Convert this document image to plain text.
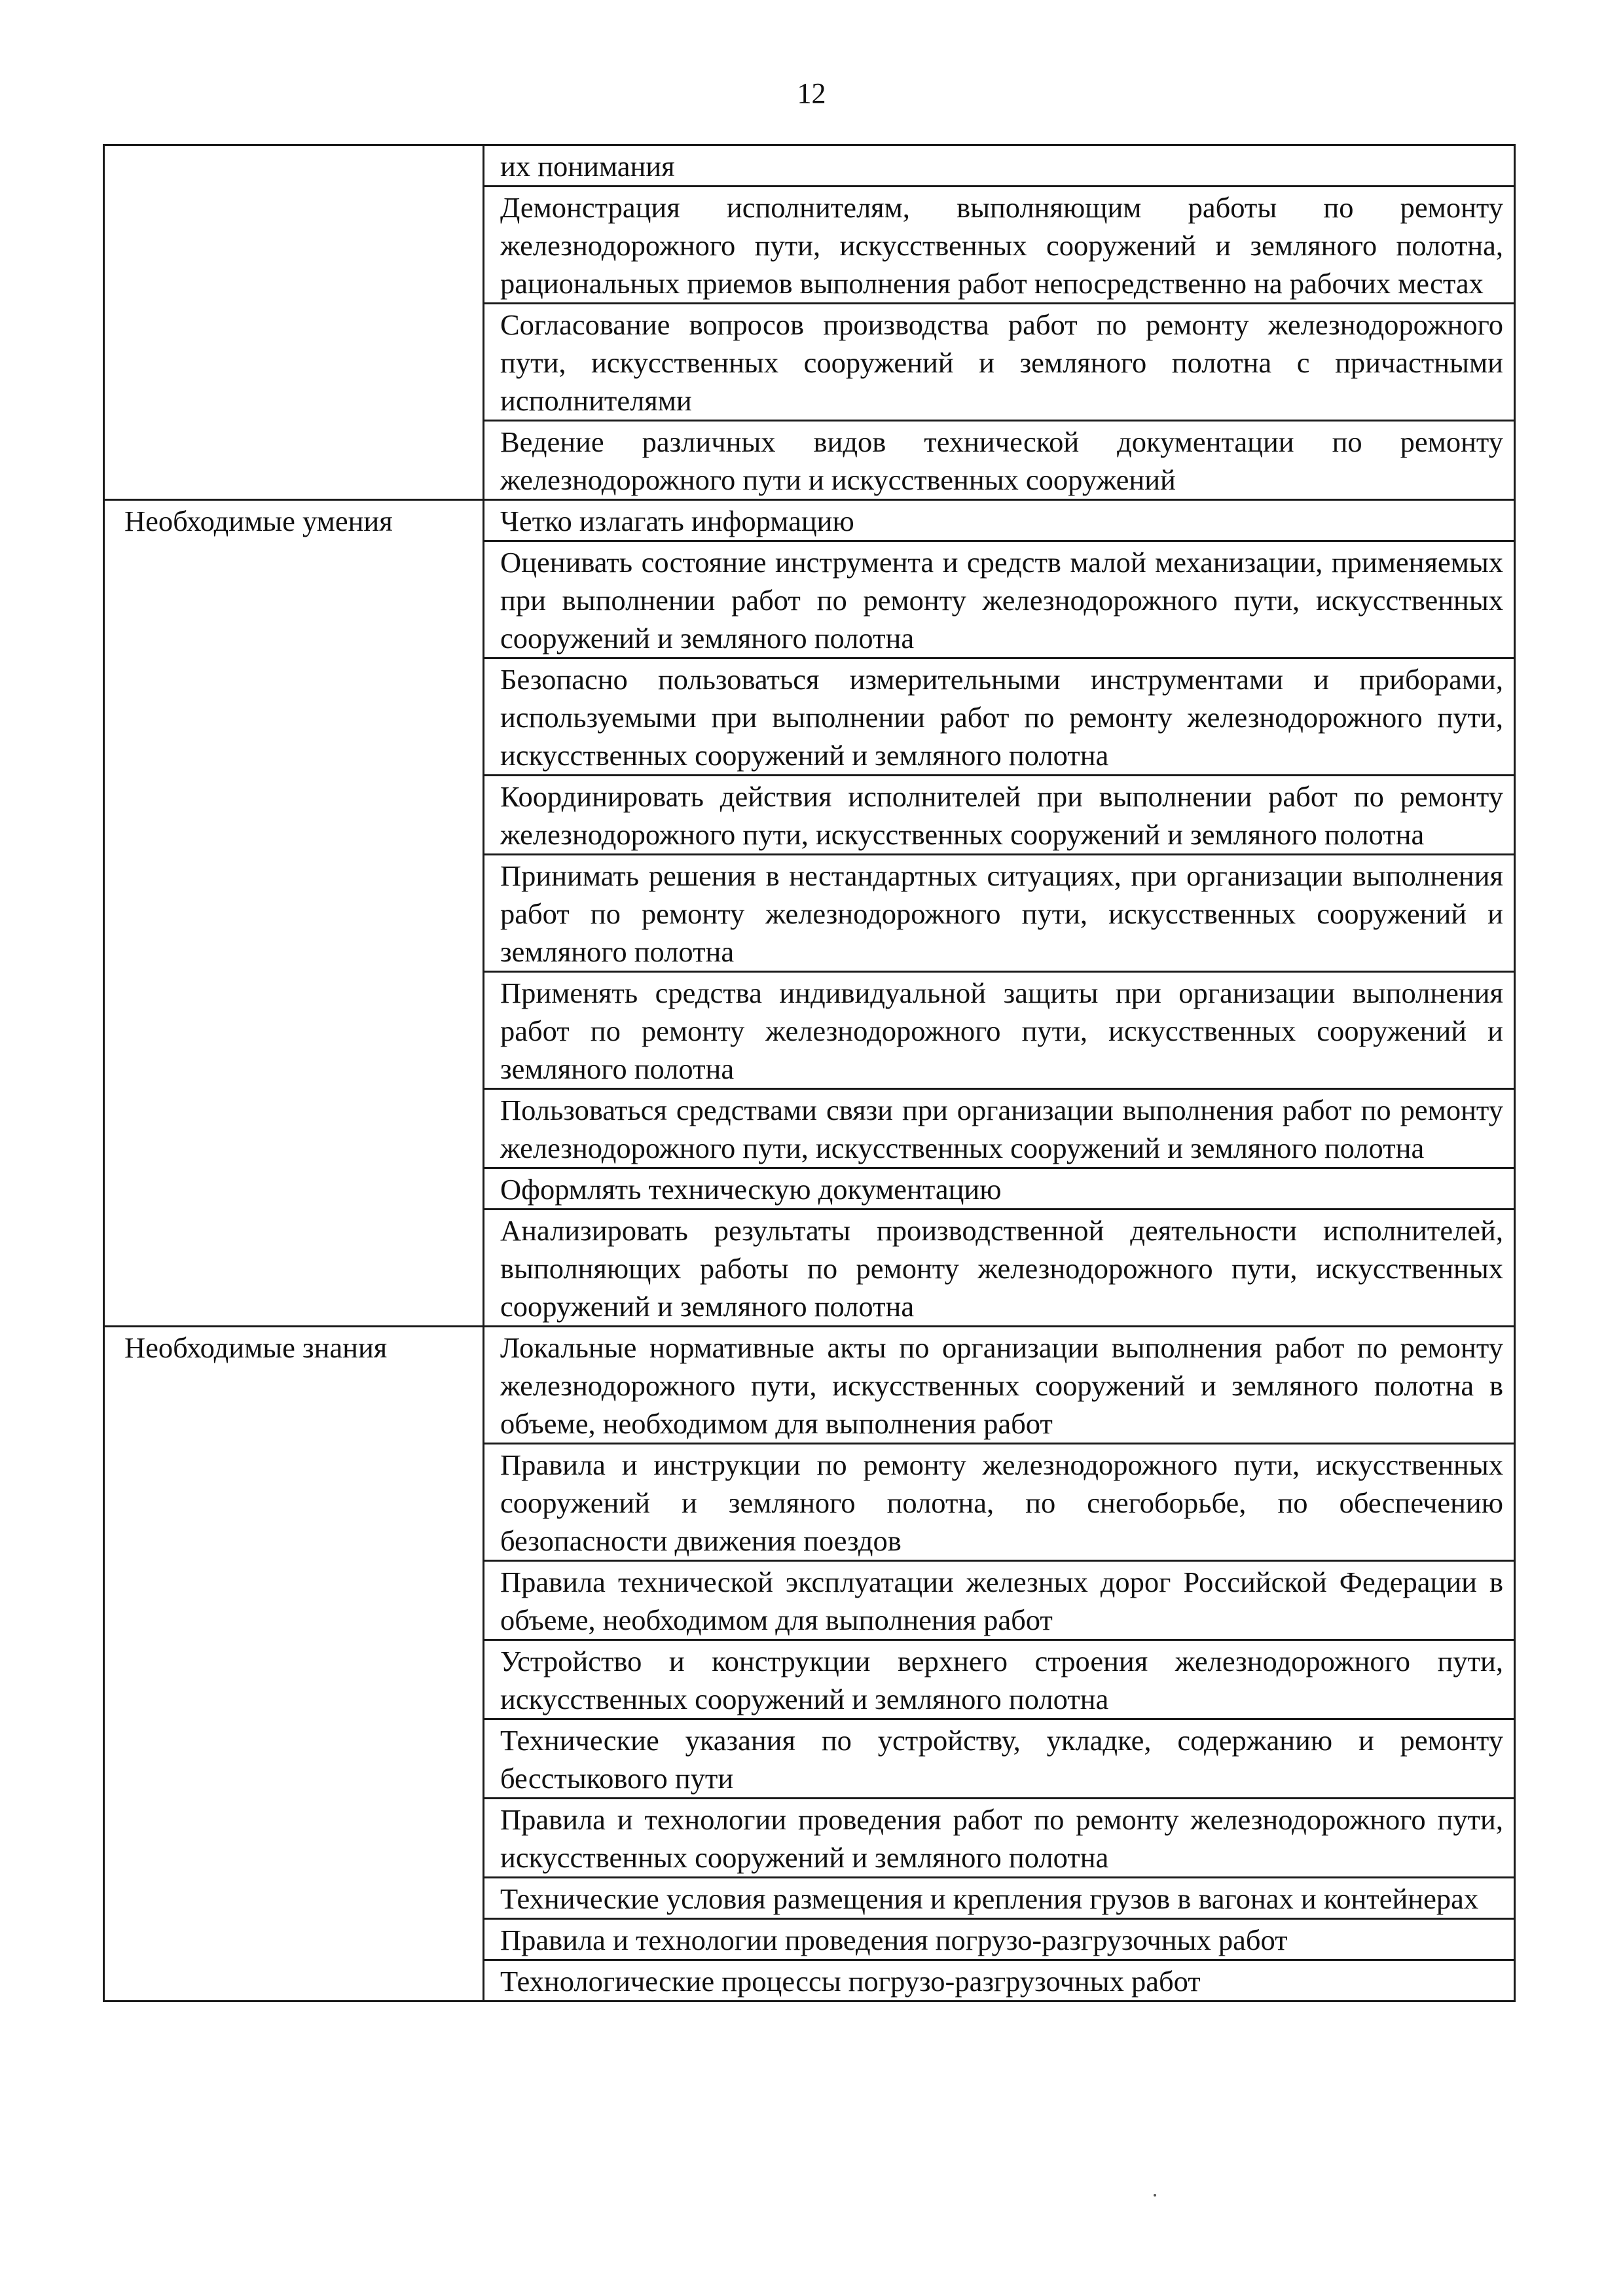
12
	их понимания
	Демонстрация исполнителям, выполняющим работы по ремонту железнодорожного пути, искусственных сооружений и земляного полотна, рациональных приемов выполнения работ непосредственно на рабочих местах
	Согласование вопросов производства работ по ремонту железнодорожного пути, искусственных сооружений и земляного полотна с причастными исполнителями
	Ведение различных видов технической документации по ремонту железнодорожного пути и искусственных сооружений
Необходимые умения	Четко излагать информацию
	Оценивать состояние инструмента и средств малой механизации, применяемых при выполнении работ по ремонту железнодорожного пути, искусственных сооружений и земляного полотна
	Безопасно пользоваться измерительными инструментами и приборами, используемыми при выполнении работ по ремонту железнодорожного пути, искусственных сооружений и земляного полотна
	Координировать действия исполнителей при выполнении работ по ремонту железнодорожного пути, искусственных сооружений и земляного полотна
	Принимать решения в нестандартных ситуациях, при организации выполнения работ по ремонту железнодорожного пути, искусственных сооружений и земляного полотна
	Применять средства индивидуальной защиты при организации выполнения работ по ремонту железнодорожного пути, искусственных сооружений и земляного полотна
	Пользоваться средствами связи при организации выполнения работ по ремонту железнодорожного пути, искусственных сооружений и земляного полотна
	Оформлять техническую документацию
	Анализировать результаты производственной деятельности исполнителей, выполняющих работы по ремонту железнодорожного пути, искусственных сооружений и земляного полотна
Необходимые знания	Локальные нормативные акты по организации выполнения работ по ремонту железнодорожного пути, искусственных сооружений и земляного полотна в объеме, необходимом для выполнения работ
	Правила и инструкции по ремонту железнодорожного пути, искусственных сооружений и земляного полотна, по снегоборьбе, по обеспечению безопасности движения поездов
	Правила технической эксплуатации железных дорог Российской Федерации в объеме, необходимом для выполнения работ
	Устройство и конструкции верхнего строения железнодорожного пути, искусственных сооружений и земляного полотна
	Технические указания по устройству, укладке, содержанию и ремонту бесстыкового пути
	Правила и технологии проведения работ по ремонту железнодорожного пути, искусственных сооружений и земляного полотна
	Технические условия размещения и крепления грузов в вагонах и контейнерах
	Правила и технологии проведения погрузо-разгрузочных работ
	Технологические процессы погрузо-разгрузочных работ
